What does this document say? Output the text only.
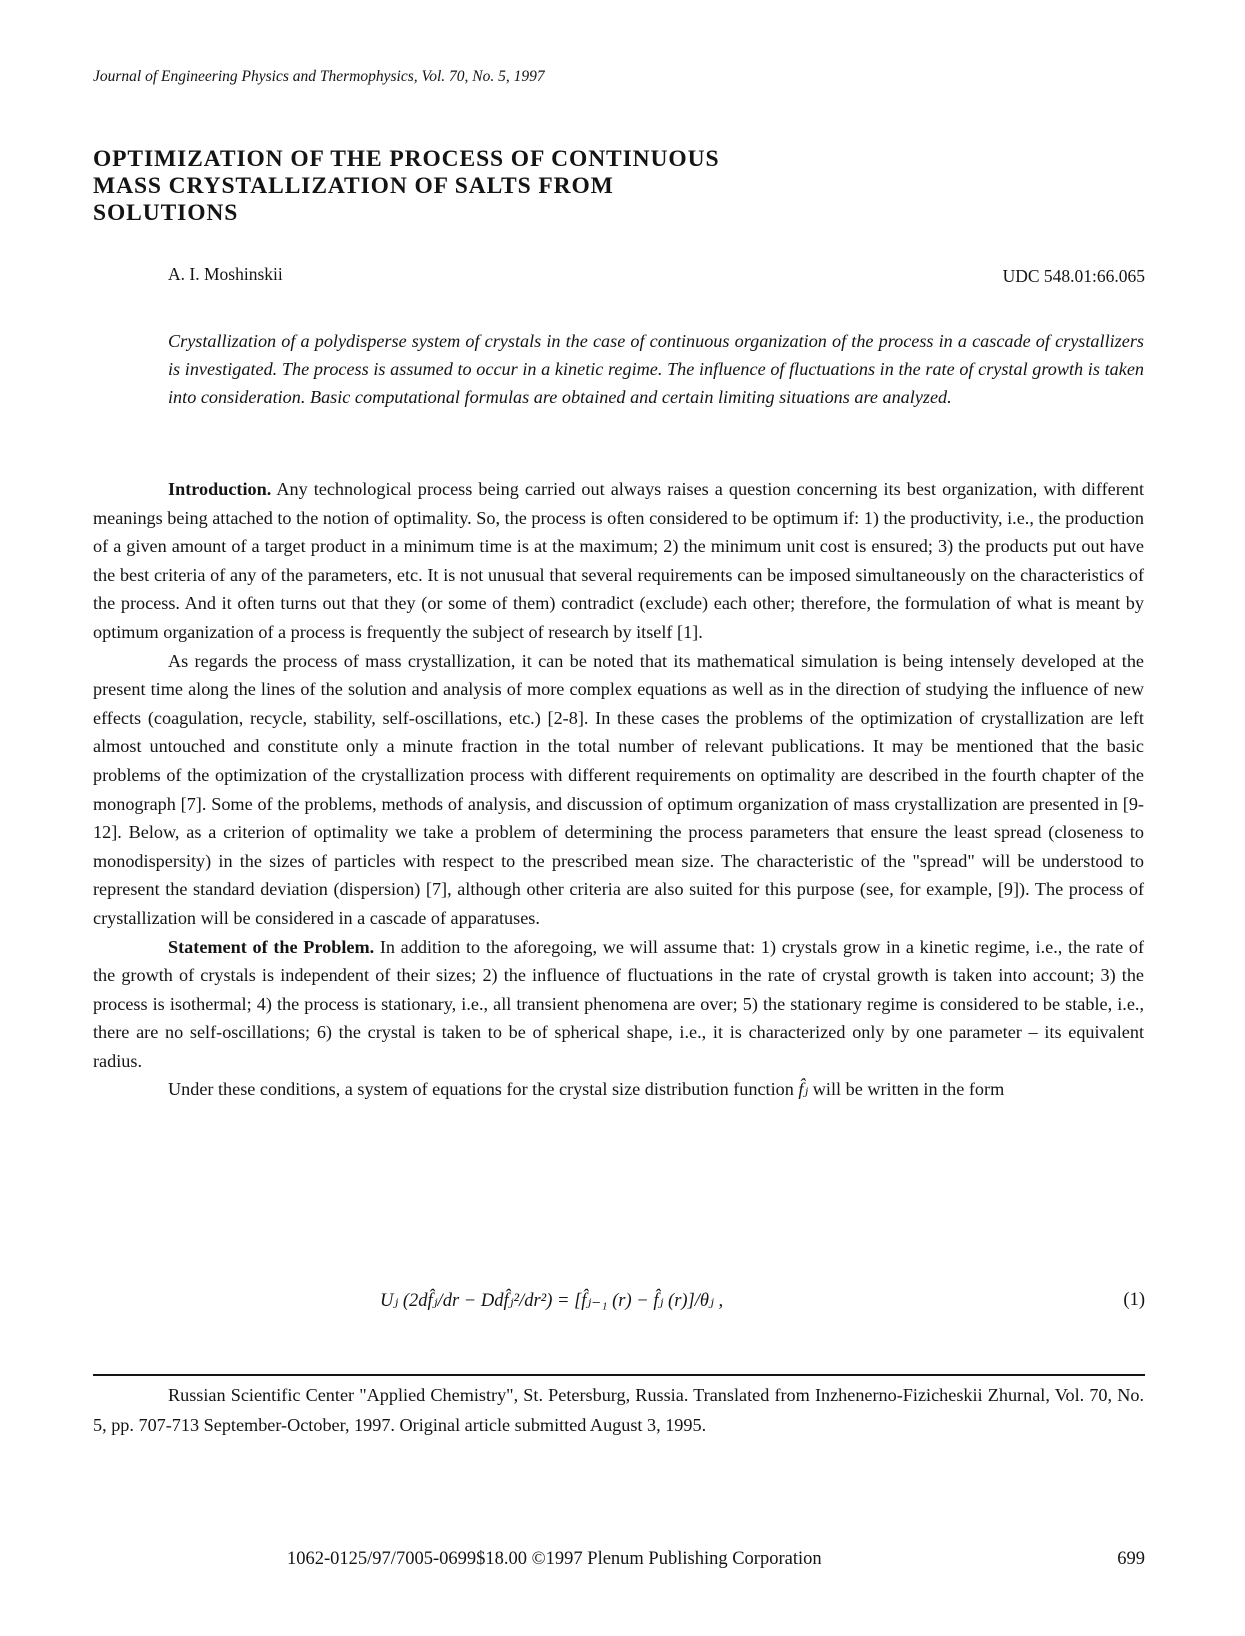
Journal of Engineering Physics and Thermophysics, Vol. 70, No. 5, 1997
OPTIMIZATION OF THE PROCESS OF CONTINUOUS
MASS CRYSTALLIZATION OF SALTS FROM
SOLUTIONS
A. I. Moshinskii	UDC 548.01:66.065
Crystallization of a polydisperse system of crystals in the case of continuous organization of the process in a cascade of crystallizers is investigated. The process is assumed to occur in a kinetic regime. The influence of fluctuations in the rate of crystal growth is taken into consideration. Basic computational formulas are obtained and certain limiting situations are analyzed.

Introduction. Any technological process being carried out always raises a question concerning its best organization, with different meanings being attached to the notion of optimality. So, the process is often considered to be optimum if: 1) the productivity, i.e., the production of a given amount of a target product in a minimum time is at the maximum; 2) the minimum unit cost is ensured; 3) the products put out have the best criteria of any of the parameters, etc. It is not unusual that several requirements can be imposed simultaneously on the characteristics of the process. And it often turns out that they (or some of them) contradict (exclude) each other; therefore, the formulation of what is meant by optimum organization of a process is frequently the subject of research by itself [1].

As regards the process of mass crystallization, it can be noted that its mathematical simulation is being intensely developed at the present time along the lines of the solution and analysis of more complex equations as well as in the direction of studying the influence of new effects (coagulation, recycle, stability, self-oscillations, etc.) [2-8]. In these cases the problems of the optimization of crystallization are left almost untouched and constitute only a minute fraction in the total number of relevant publications. It may be mentioned that the basic problems of the optimization of the crystallization process with different requirements on optimality are described in the fourth chapter of the monograph [7]. Some of the problems, methods of analysis, and discussion of optimum organization of mass crystallization are presented in [9-12]. Below, as a criterion of optimality we take a problem of determining the process parameters that ensure the least spread (closeness to monodispersity) in the sizes of particles with respect to the prescribed mean size. The characteristic of the "spread" will be understood to represent the standard deviation (dispersion) [7], although other criteria are also suited for this purpose (see, for example, [9]). The process of crystallization will be considered in a cascade of apparatuses.

Statement of the Problem. In addition to the aforegoing, we will assume that: 1) crystals grow in a kinetic regime, i.e., the rate of the growth of crystals is independent of their sizes; 2) the influence of fluctuations in the rate of crystal growth is taken into account; 3) the process is isothermal; 4) the process is stationary, i.e., all transient phenomena are over; 5) the stationary regime is considered to be stable, i.e., there are no self-oscillations; 6) the crystal is taken to be of spherical shape, i.e., it is characterized only by one parameter – its equivalent radius.

Under these conditions, a system of equations for the crystal size distribution function f̂ⱼ will be written in the form

Uⱼ (2df̂ⱼ/dr − Ddf̂ⱼ²/dr²) = [f̂ⱼ₋₁ (r) − f̂ⱼ (r)]/θⱼ ,	(1)

Russian Scientific Center "Applied Chemistry", St. Petersburg, Russia. Translated from Inzhenerno-Fizicheskii Zhurnal, Vol. 70, No. 5, pp. 707-713 September-October, 1997. Original article submitted August 3, 1995.

1062-0125/97/7005-0699$18.00 ©1997 Plenum Publishing Corporation	699
